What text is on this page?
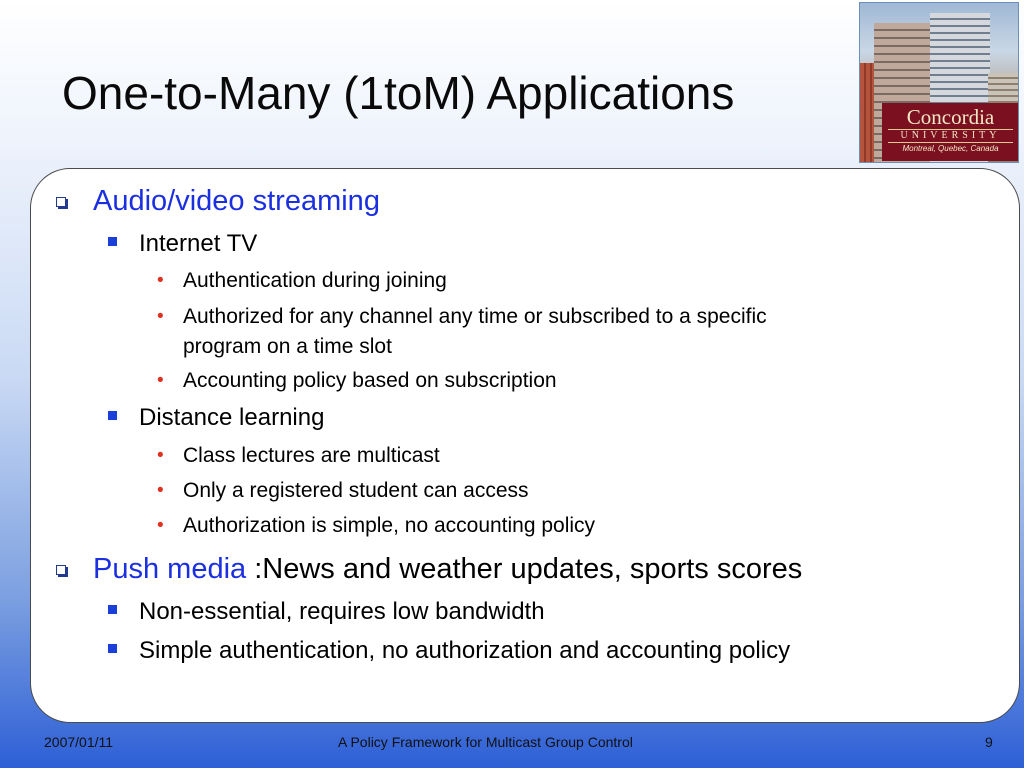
One-to-Many (1toM) Applications	Concordia
UNIVERSITY
Montreal, Quebec, Canada
Audio/video streaming
Internet TV
• Authentication during joining
• Authorized for any channel any time or subscribed to a specific
program on a time slot
• Accounting policy based on subscription
Distance learning
• Class lectures are multicast
• Only a registered student can access
• Authorization is simple, no accounting policy
Push media :News and weather updates, sports scores
Non-essential, requires low bandwidth
Simple authentication, no authorization and accounting policy
2007/01/11	A Policy Framework for Multicast Group Control	9
